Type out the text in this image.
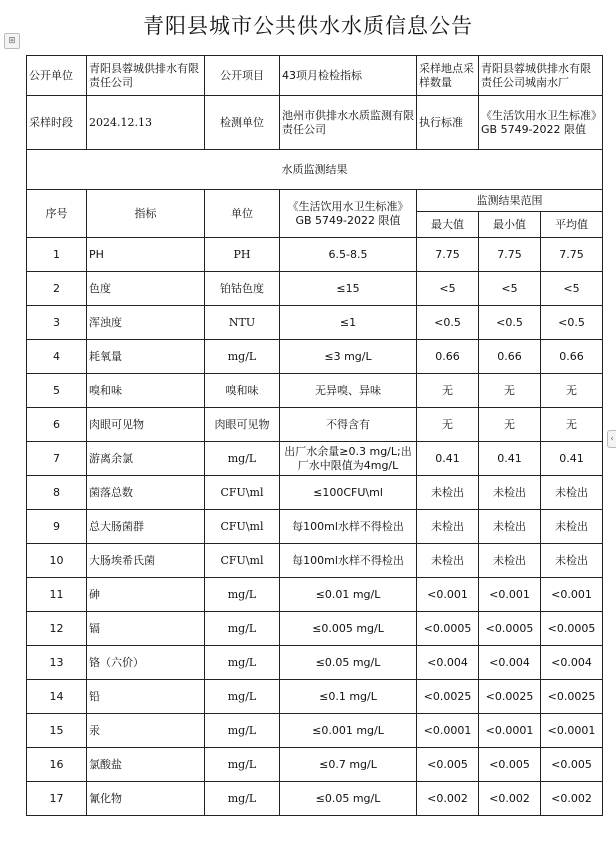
青阳县城市公共供水水质信息公告
⊞
‹
公开单位	青阳县蓉城供排水有限责任公司	公开项目	43项月检检指标	采样地点采样数量	青阳县蓉城供排水有限责任公司城南水厂	
采样时段	2024.12.13	检测单位	池州市供排水水质监测有限责任公司	执行标准	《生活饮用水卫生标准》GB 5749-2022 限值	
水质监测结果						
序号	指标	单位	《生活饮用水卫生标准》GB 5749-2022 限值	监测结果范围		
				最大值	最小值	平均值
1	PH	PH	6.5-8.5	7.75	7.75	7.75
2	色度	铂钴色度	≤15	<5	<5	<5
3	浑浊度	NTU	≤1	<0.5	<0.5	<0.5
4	耗氧量	mg/L	≤3 mg/L	0.66	0.66	0.66
5	嗅和味	嗅和味	无异嗅、异味	无	无	无
6	肉眼可见物	肉眼可见物	不得含有	无	无	无
7	游离余氯	mg/L	出厂水余量≥0.3 mg/L;出厂水中限值为4mg/L	0.41	0.41	0.41
8	菌落总数	CFU\ml	≤100CFU\ml	未检出	未检出	未检出
9	总大肠菌群	CFU\ml	每100ml水样不得检出	未检出	未检出	未检出
10	大肠埃希氏菌	CFU\ml	每100ml水样不得检出	未检出	未检出	未检出
11	砷	mg/L	≤0.01 mg/L	<0.001	<0.001	<0.001
12	镉	mg/L	≤0.005 mg/L	<0.0005	<0.0005	<0.0005
13	铬（六价）	mg/L	≤0.05 mg/L	<0.004	<0.004	<0.004
14	铅	mg/L	≤0.1 mg/L	<0.0025	<0.0025	<0.0025
15	汞	mg/L	≤0.001 mg/L	<0.0001	<0.0001	<0.0001
16	氯酸盐	mg/L	≤0.7 mg/L	<0.005	<0.005	<0.005
17	氰化物	mg/L	≤0.05 mg/L	<0.002	<0.002	<0.002
